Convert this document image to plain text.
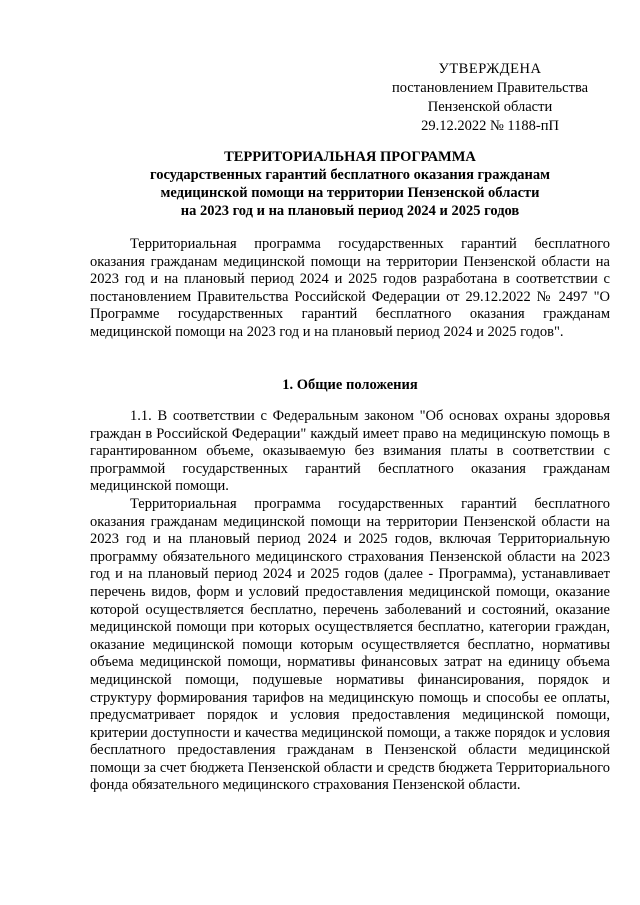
УТВЕРЖДЕНА
постановлением Правительства
Пензенской области
29.12.2022 № 1188-пП
ТЕРРИТОРИАЛЬНАЯ ПРОГРАММА
государственных гарантий бесплатного оказания гражданам
медицинской помощи на территории Пензенской области
на 2023 год и на плановый период 2024 и 2025 годов

Территориальная программа государственных гарантий бесплатного оказания гражданам медицинской помощи на территории Пензенской области на 2023 год и на плановый период 2024 и 2025 годов разработана в соответствии с постановлением Правительства Российской Федерации от 29.12.2022 № 2497 "О Программе государственных гарантий бесплатного оказания гражданам медицинской помощи на 2023 год и на плановый период 2024 и 2025 годов".

1. Общие положения

1.1. В соответствии с Федеральным законом "Об основах охраны здоровья граждан в Российской Федерации" каждый имеет право на медицинскую помощь в гарантированном объеме, оказываемую без взимания платы в соответствии с программой государственных гарантий бесплатного оказания гражданам медицинской помощи.

Территориальная программа государственных гарантий бесплатного оказания гражданам медицинской помощи на территории Пензенской области на 2023 год и на плановый период 2024 и 2025 годов, включая Территориальную программу обязательного медицинского страхования Пензенской области на 2023 год и на плановый период 2024 и 2025 годов (далее - Программа), устанавливает перечень видов, форм и условий предоставления медицинской помощи, оказание которой осуществляется бесплатно, перечень заболеваний и состояний, оказание медицинской помощи при которых осуществляется бесплатно, категории граждан, оказание медицинской помощи которым осуществляется бесплатно, нормативы объема медицинской помощи, нормативы финансовых затрат на единицу объема медицинской помощи, подушевые нормативы финансирования, порядок и структуру формирования тарифов на медицинскую помощь и способы ее оплаты, предусматривает порядок и условия предоставления медицинской помощи, критерии доступности и качества медицинской помощи, а также порядок и условия бесплатного предоставления гражданам в Пензенской области медицинской помощи за счет бюджета Пензенской области и средств бюджета Территориального фонда обязательного медицинского страхования Пензенской области.
